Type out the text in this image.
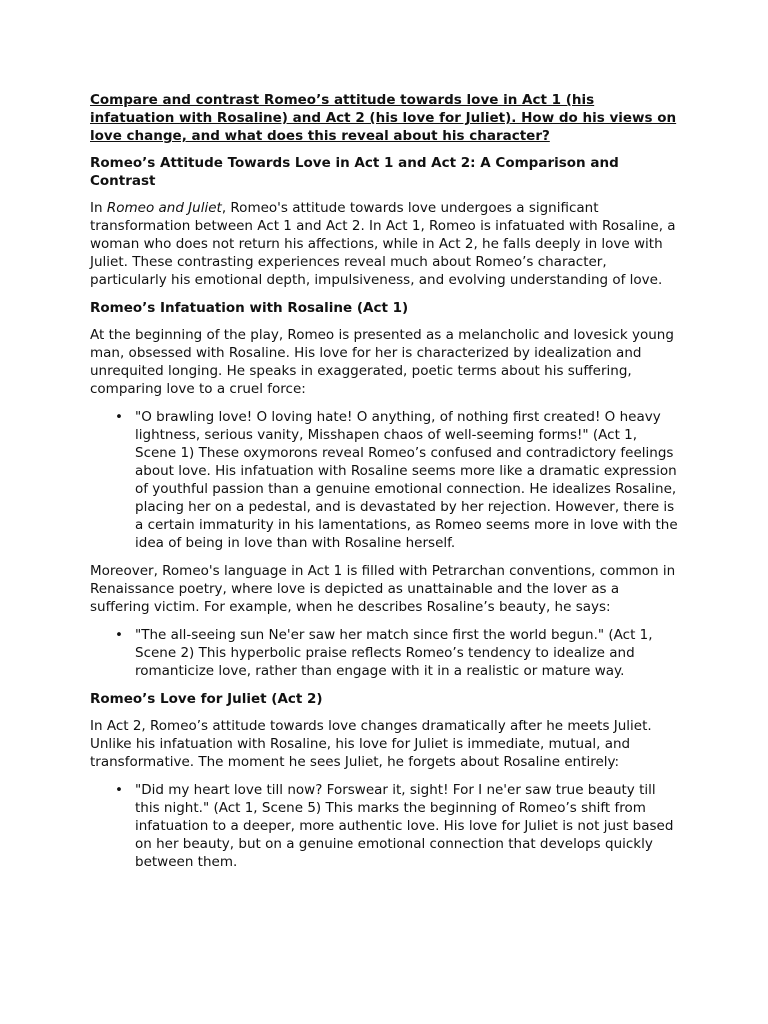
Compare and contrast Romeo’s attitude towards love in Act 1 (his infatuation with Rosaline) and Act 2 (his love for Juliet). How do his views on love change, and what does this reveal about his character?
Romeo’s Attitude Towards Love in Act 1 and Act 2: A Comparison and Contrast

In Romeo and Juliet, Romeo's attitude towards love undergoes a significant transformation between Act 1 and Act 2. In Act 1, Romeo is infatuated with Rosaline, a woman who does not return his affections, while in Act 2, he falls deeply in love with Juliet. These contrasting experiences reveal much about Romeo’s character, particularly his emotional depth, impulsiveness, and evolving understanding of love.

Romeo’s Infatuation with Rosaline (Act 1)

At the beginning of the play, Romeo is presented as a melancholic and lovesick young man, obsessed with Rosaline. His love for her is characterized by idealization and unrequited longing. He speaks in exaggerated, poetic terms about his suffering, comparing love to a cruel force:

• "O brawling love! O loving hate! O anything, of nothing first created! O heavy lightness, serious vanity, Misshapen chaos of well-seeming forms!" (Act 1, Scene 1) These oxymorons reveal Romeo’s confused and contradictory feelings about love. His infatuation with Rosaline seems more like a dramatic expression of youthful passion than a genuine emotional connection. He idealizes Rosaline, placing her on a pedestal, and is devastated by her rejection. However, there is a certain immaturity in his lamentations, as Romeo seems more in love with the idea of being in love than with Rosaline herself.

Moreover, Romeo's language in Act 1 is filled with Petrarchan conventions, common in Renaissance poetry, where love is depicted as unattainable and the lover as a suffering victim. For example, when he describes Rosaline’s beauty, he says:

• "The all-seeing sun Ne'er saw her match since first the world begun." (Act 1, Scene 2) This hyperbolic praise reflects Romeo’s tendency to idealize and romanticize love, rather than engage with it in a realistic or mature way.
Romeo’s Love for Juliet (Act 2)

In Act 2, Romeo’s attitude towards love changes dramatically after he meets Juliet. Unlike his infatuation with Rosaline, his love for Juliet is immediate, mutual, and transformative. The moment he sees Juliet, he forgets about Rosaline entirely:

• "Did my heart love till now? Forswear it, sight! For I ne'er saw true beauty till this night." (Act 1, Scene 5) This marks the beginning of Romeo’s shift from infatuation to a deeper, more authentic love. His love for Juliet is not just based on her beauty, but on a genuine emotional connection that develops quickly between them.
